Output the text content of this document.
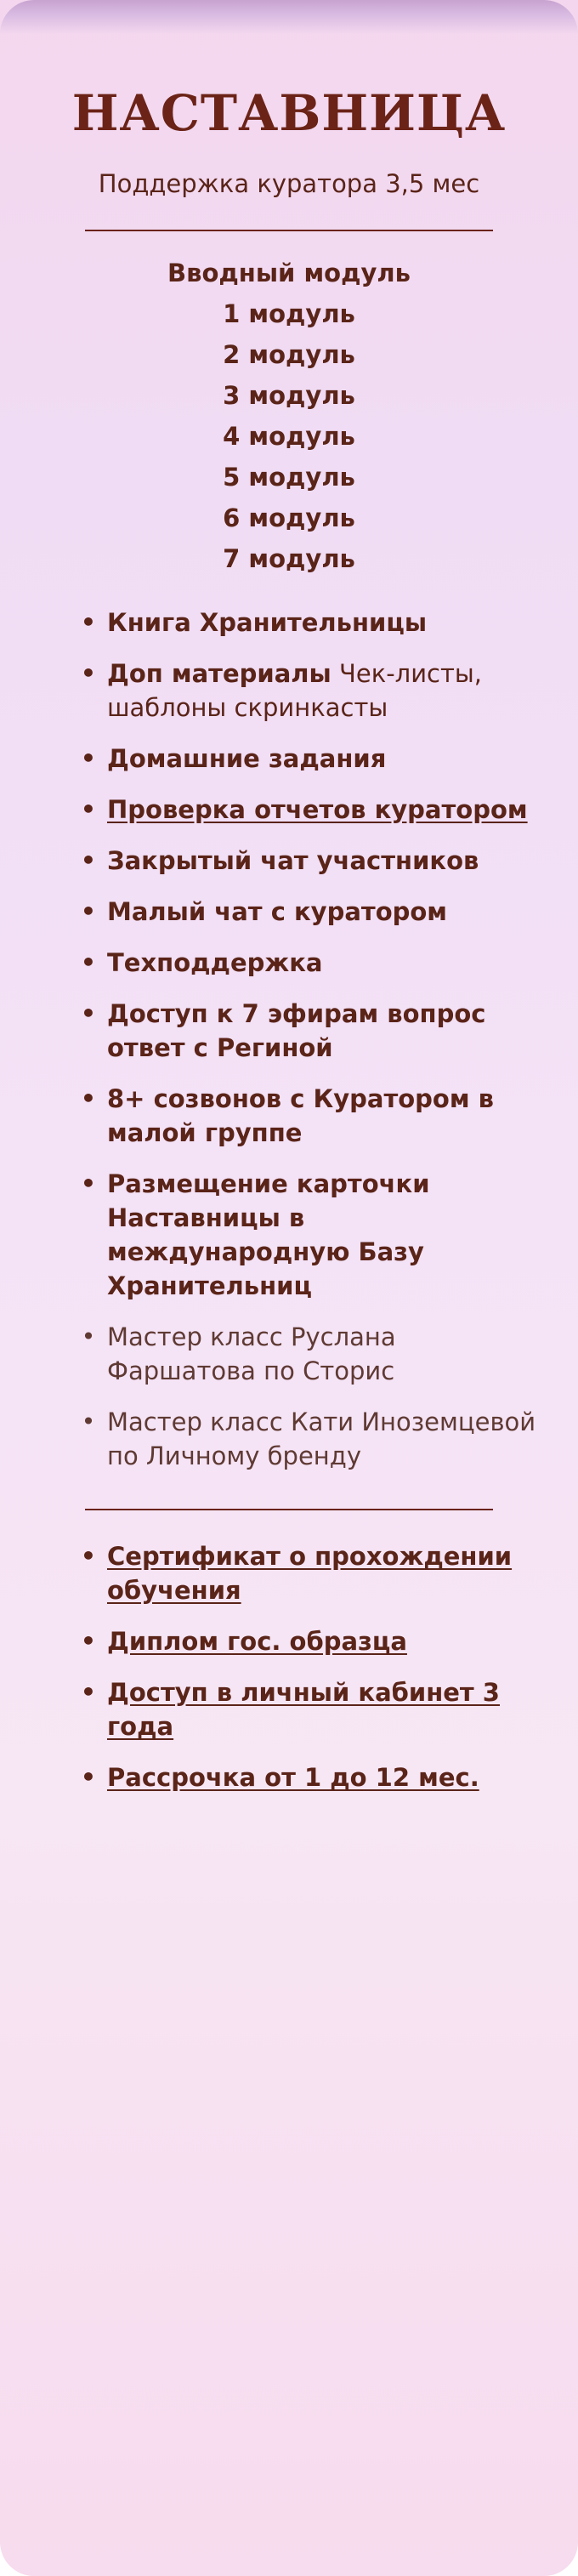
НАСТАВНИЦА
Поддержка куратора 3,5 мес
Вводный модуль
1 модуль
2 модуль
3 модуль
4 модуль
5 модуль
6 модуль
7 модуль
• Книга Хранительницы
• Доп материалы Чек-листы, шаблоны скринкасты
• Домашние задания
• Проверка отчетов куратором
• Закрытый чат участников
• Малый чат с куратором
• Техподдержка
• Доступ к 7 эфирам вопрос ответ с Региной
• 8+ созвонов с Куратором в малой группе
• Размещение карточки Наставницы в международную Базу Хранительниц
• Мастер класс Руслана Фаршатова по Сторис
• Мастер класс Кати Иноземцевой по Личному бренду
• Сертификат о прохождении обучения
• Диплом гос. образца
• Доступ в личный кабинет 3 года
• Рассрочка от 1 до 12 мес.
